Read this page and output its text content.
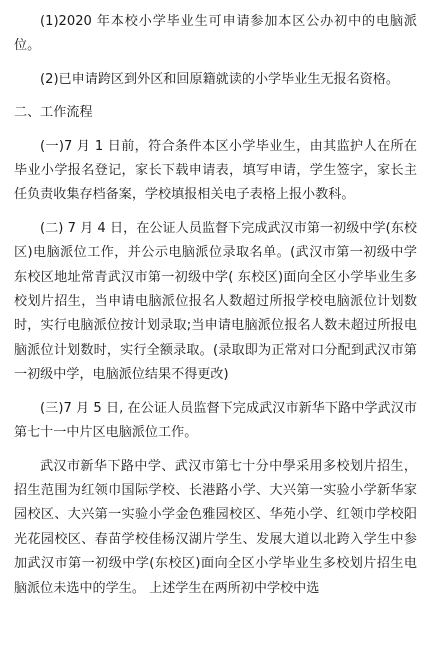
(1)2020 年本校小学毕业生可申请参加本区公办初中的电脑派位。

(2)已申请跨区到外区和回原籍就读的小学毕业生无报名资格。

二、工作流程

(一)7 月 1 日前，符合条件本区小学毕业生，由其监护人在所在毕业小学报名登记，家长下载申请表，填写申请，学生签字，家长主任负责收集存档备案，学校填报相关电子表格上报小教科。

(二) 7 月 4 日，在公证人员监督下完成武汉市第一初级中学(东校区)电脑派位工作，并公示电脑派位录取名单。(武汉市第一初级中学东校区地址常青武汉市第一初级中学( 东校区)面向全区小学毕业生多校划片招生，当申请电脑派位报名人数超过所报学校电脑派位计划数时，实行电脑派位按计划录取;当申请电脑派位报名人数未超过所报电脑派位计划数时，实行全额录取。(录取即为正常对口分配到武汉市第一初级中学，电脑派位结果不得更改)

(三)7 月 5 日, 在公证人员监督下完成武汉市新华下路中学武汉市第七十一中片区电脑派位工作。

武汉市新华下路中学、武汉市第七十分中學采用多校划片招生，招生范围为红领巾国际学校、长港路小学、大兴第一实验小学新华家园校区、大兴第一实验小学金色雅园校区、华苑小学、红领巾学校阳光花园校区、春苗学校佳杨汉湖片学生、发展大道以北跨入学生中参加武汉市第一初级中学(东校区)面向全区小学毕业生多校划片招生电脑派位未选中的学生。 上述学生在两所初中学校中选
